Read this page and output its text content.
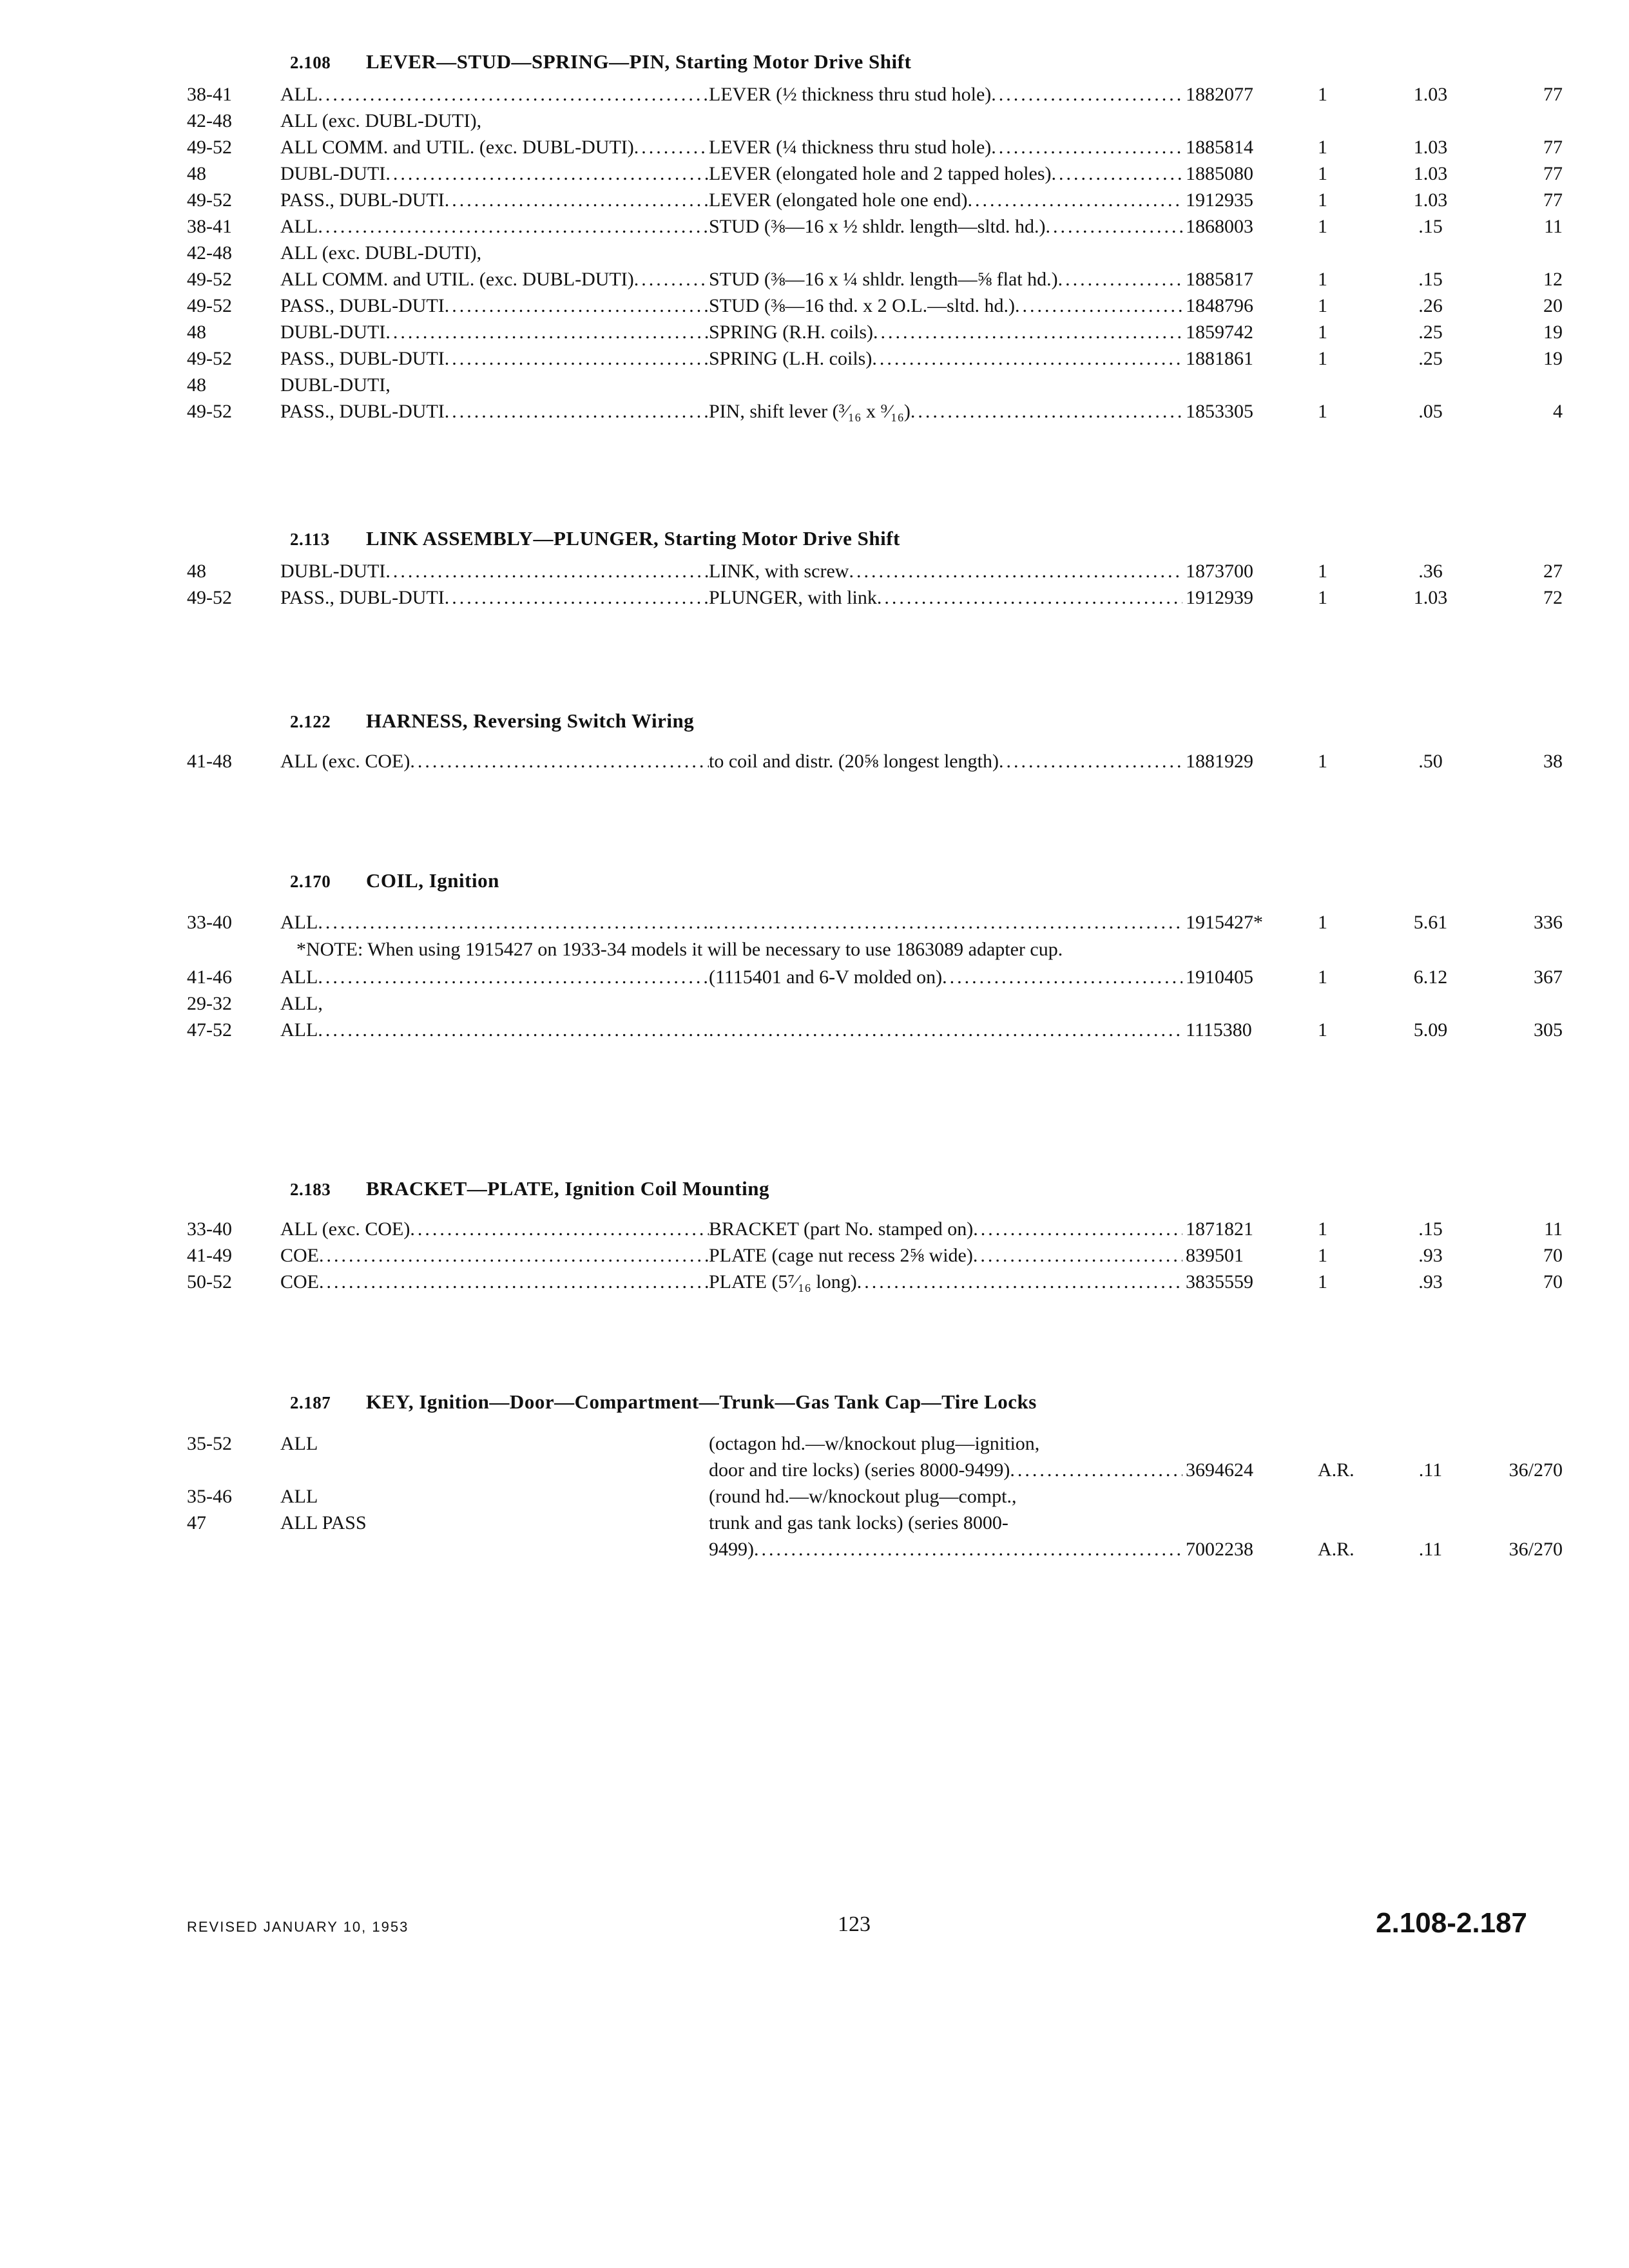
2.108 LEVER—STUD—SPRING—PIN, Starting Motor Drive Shift
38-41	ALL .....	LEVER (½ thickness thru stud hole) .....	1882077	1	1.03	77
42-48	ALL (exc. DUBL-DUTI),
49-52	ALL COMM. and UTIL. (exc. DUBL-DUTI) .....	LEVER (¼ thickness thru stud hole) .....	1885814	1	1.03	77
48	DUBL-DUTI .....	LEVER (elongated hole and 2 tapped holes) .....	1885080	1	1.03	77
49-52	PASS., DUBL-DUTI .....	LEVER (elongated hole one end) .....	1912935	1	1.03	77
38-41	ALL .....	STUD (⅜—16 x ½ shldr. length—sltd. hd.) .....	1868003	1	.15	11
42-48	ALL (exc. DUBL-DUTI),
49-52	ALL COMM. and UTIL. (exc. DUBL-DUTI) .....	STUD (⅜—16 x ¼ shldr. length—⅝ flat hd.) .....	1885817	1	.15	12
49-52	PASS., DUBL-DUTI .....	STUD (⅜—16 thd. x 2 O.L.—sltd. hd.) .....	1848796	1	.26	20
48	DUBL-DUTI .....	SPRING (R.H. coils) .....	1859742	1	.25	19
49-52	PASS., DUBL-DUTI .....	SPRING (L.H. coils) .....	1881861	1	.25	19
48	DUBL-DUTI,
49-52	PASS., DUBL-DUTI .....	PIN, shift lever (³⁄₁₆ x ⁹⁄₁₆) .....	1853305	1	.05	4
2.113 LINK ASSEMBLY—PLUNGER, Starting Motor Drive Shift
48	DUBL-DUTI .....	LINK, with screw .....	1873700	1	.36	27
49-52	PASS., DUBL-DUTI .....	PLUNGER, with link .....	1912939	1	1.03	72
2.122 HARNESS, Reversing Switch Wiring
41-48	ALL (exc. COE) .....	to coil and distr. (20⅝ longest length) .....	1881929	1	.50	38
2.170 COIL, Ignition
33-40	ALL ..... .....	1915427*	1	5.61	336
*NOTE: When using 1915427 on 1933-34 models it will be necessary to use 1863089 adapter cup.
41-46	ALL .....	(1115401 and 6-V molded on) .....	1910405	1	6.12	367
29-32	ALL,
47-52	ALL ..... .....	1115380	1	5.09	305
2.183 BRACKET—PLATE, Ignition Coil Mounting
33-40	ALL (exc. COE) .....	BRACKET (part No. stamped on) .....	1871821	1	.15	11
41-49	COE .....	PLATE (cage nut recess 2⅝ wide) .....	839501	1	.93	70
50-52	COE .....	PLATE (5⁷⁄₁₆ long) .....	3835559	1	.93	70
2.187 KEY, Ignition—Door—Compartment—Trunk—Gas Tank Cap—Tire Locks
35-52	ALL	(octagon hd.—w/knockout plug—ignition,
door and tire locks) (series 8000-9499) .....	3694624	A.R.	.11	36/270
35-46	ALL	(round hd.—w/knockout plug—compt.,
47	ALL PASS	trunk and gas tank locks) (series 8000-
9499) .....	7002238	A.R.	.11	36/270
REVISED JANUARY 10, 1953	123	2.108-2.187
